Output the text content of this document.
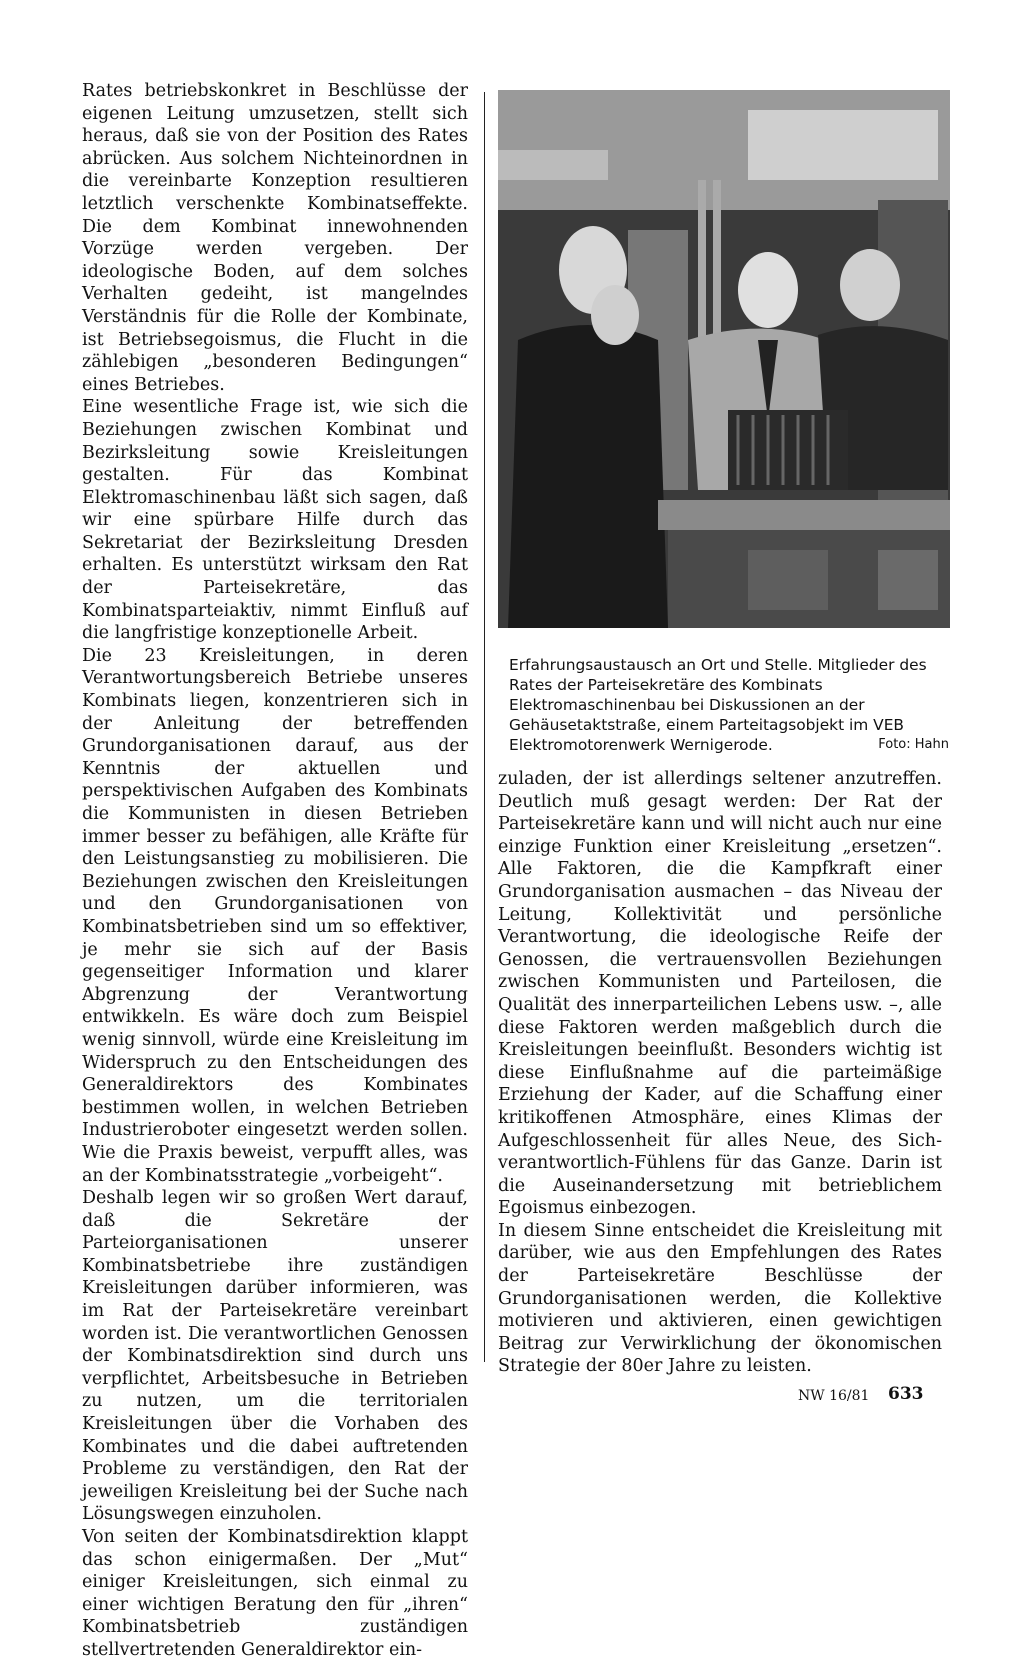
Rates betriebskonkret in Beschlüsse der eigenen Leitung umzusetzen, stellt sich heraus, daß sie von der Position des Rates abrücken. Aus solchem Nichteinordnen in die vereinbarte Konzeption resultieren letztlich verschenkte Kombinatseffekte. Die dem Kombinat innewohnenden Vorzüge werden vergeben. Der ideologische Boden, auf dem solches Verhalten gedeiht, ist mangelndes Verständnis für die Rolle der Kombinate, ist Betriebsegoismus, die Flucht in die zählebigen „besonderen Bedingungen“ eines Betriebes.

Eine wesentliche Frage ist, wie sich die Beziehungen zwischen Kombinat und Bezirksleitung sowie Kreisleitungen gestalten. Für das Kombinat Elektromaschinenbau läßt sich sagen, daß wir eine spürbare Hilfe durch das Sekretariat der Bezirksleitung Dresden erhalten. Es unterstützt wirksam den Rat der Parteisekretäre, das Kombinatsparteiaktiv, nimmt Einfluß auf die langfristige konzeptionelle Arbeit.

Die 23 Kreisleitungen, in deren Verantwortungsbereich Betriebe unseres Kombinats liegen, konzentrieren sich in der Anleitung der betreffenden Grundorganisationen darauf, aus der Kenntnis der aktuellen und perspektivischen Aufgaben des Kombinats die Kommunisten in diesen Betrieben immer besser zu befähigen, alle Kräfte für den Leistungsanstieg zu mobilisieren. Die Beziehungen zwischen den Kreisleitungen und den Grundorganisationen von Kombinatsbetrieben sind um so effektiver, je mehr sie sich auf der Basis gegenseitiger Information und klarer Abgrenzung der Verantwortung entwikkeln. Es wäre doch zum Beispiel wenig sinnvoll, würde eine Kreisleitung im Widerspruch zu den Entscheidungen des Generaldirektors des Kombinates bestimmen wollen, in welchen Betrieben Industrieroboter eingesetzt werden sollen. Wie die Praxis beweist, verpufft alles, was an der Kombinatsstrategie „vorbeigeht“.

Deshalb legen wir so großen Wert darauf, daß die Sekretäre der Parteiorganisationen unserer Kombinatsbetriebe ihre zuständigen Kreisleitungen darüber informieren, was im Rat der Parteisekretäre vereinbart worden ist. Die verantwortlichen Genossen der Kombinatsdirektion sind durch uns verpflichtet, Arbeitsbesuche in Betrieben zu nutzen, um die territorialen Kreisleitungen über die Vorhaben des Kombinates und die dabei auftretenden Probleme zu verständigen, den Rat der jeweiligen Kreisleitung bei der Suche nach Lösungswegen einzuholen.

Von seiten der Kombinatsdirektion klappt das schon einigermaßen. Der „Mut“ einiger Kreisleitungen, sich einmal zu einer wichtigen Beratung den für „ihren“ Kombinatsbetrieb zuständigen stellvertretenden Generaldirektor ein-

Erfahrungsaustausch an Ort und Stelle. Mitglieder des Rates der Parteisekretäre des Kombinats Elektromaschinenbau bei Diskussionen an der Gehäusetaktstraße, einem Parteitagsobjekt im VEB Elektromotorenwerk Wernigerode.	Foto: Hahn

zuladen, der ist allerdings seltener anzutreffen. Deutlich muß gesagt werden: Der Rat der Parteisekretäre kann und will nicht auch nur eine einzige Funktion einer Kreisleitung „ersetzen“. Alle Faktoren, die die Kampfkraft einer Grundorganisation ausmachen – das Niveau der Leitung, Kollektivität und persönliche Verantwortung, die ideologische Reife der Genossen, die vertrauensvollen Beziehungen zwischen Kommunisten und Parteilosen, die Qualität des innerparteilichen Lebens usw. –, alle diese Faktoren werden maßgeblich durch die Kreisleitungen beeinflußt. Besonders wichtig ist diese Einflußnahme auf die parteimäßige Erziehung der Kader, auf die Schaffung einer kritikoffenen Atmosphäre, eines Klimas der Aufgeschlossenheit für alles Neue, des Sich-verantwortlich-Fühlens für das Ganze. Darin ist die Auseinandersetzung mit betrieblichem Egoismus einbezogen.

In diesem Sinne entscheidet die Kreisleitung mit darüber, wie aus den Empfehlungen des Rates der Parteisekretäre Beschlüsse der Grundorganisationen werden, die Kollektive motivieren und aktivieren, einen gewichtigen Beitrag zur Verwirklichung der ökonomischen Strategie der 80er Jahre zu leisten.

NW 16/81 633
